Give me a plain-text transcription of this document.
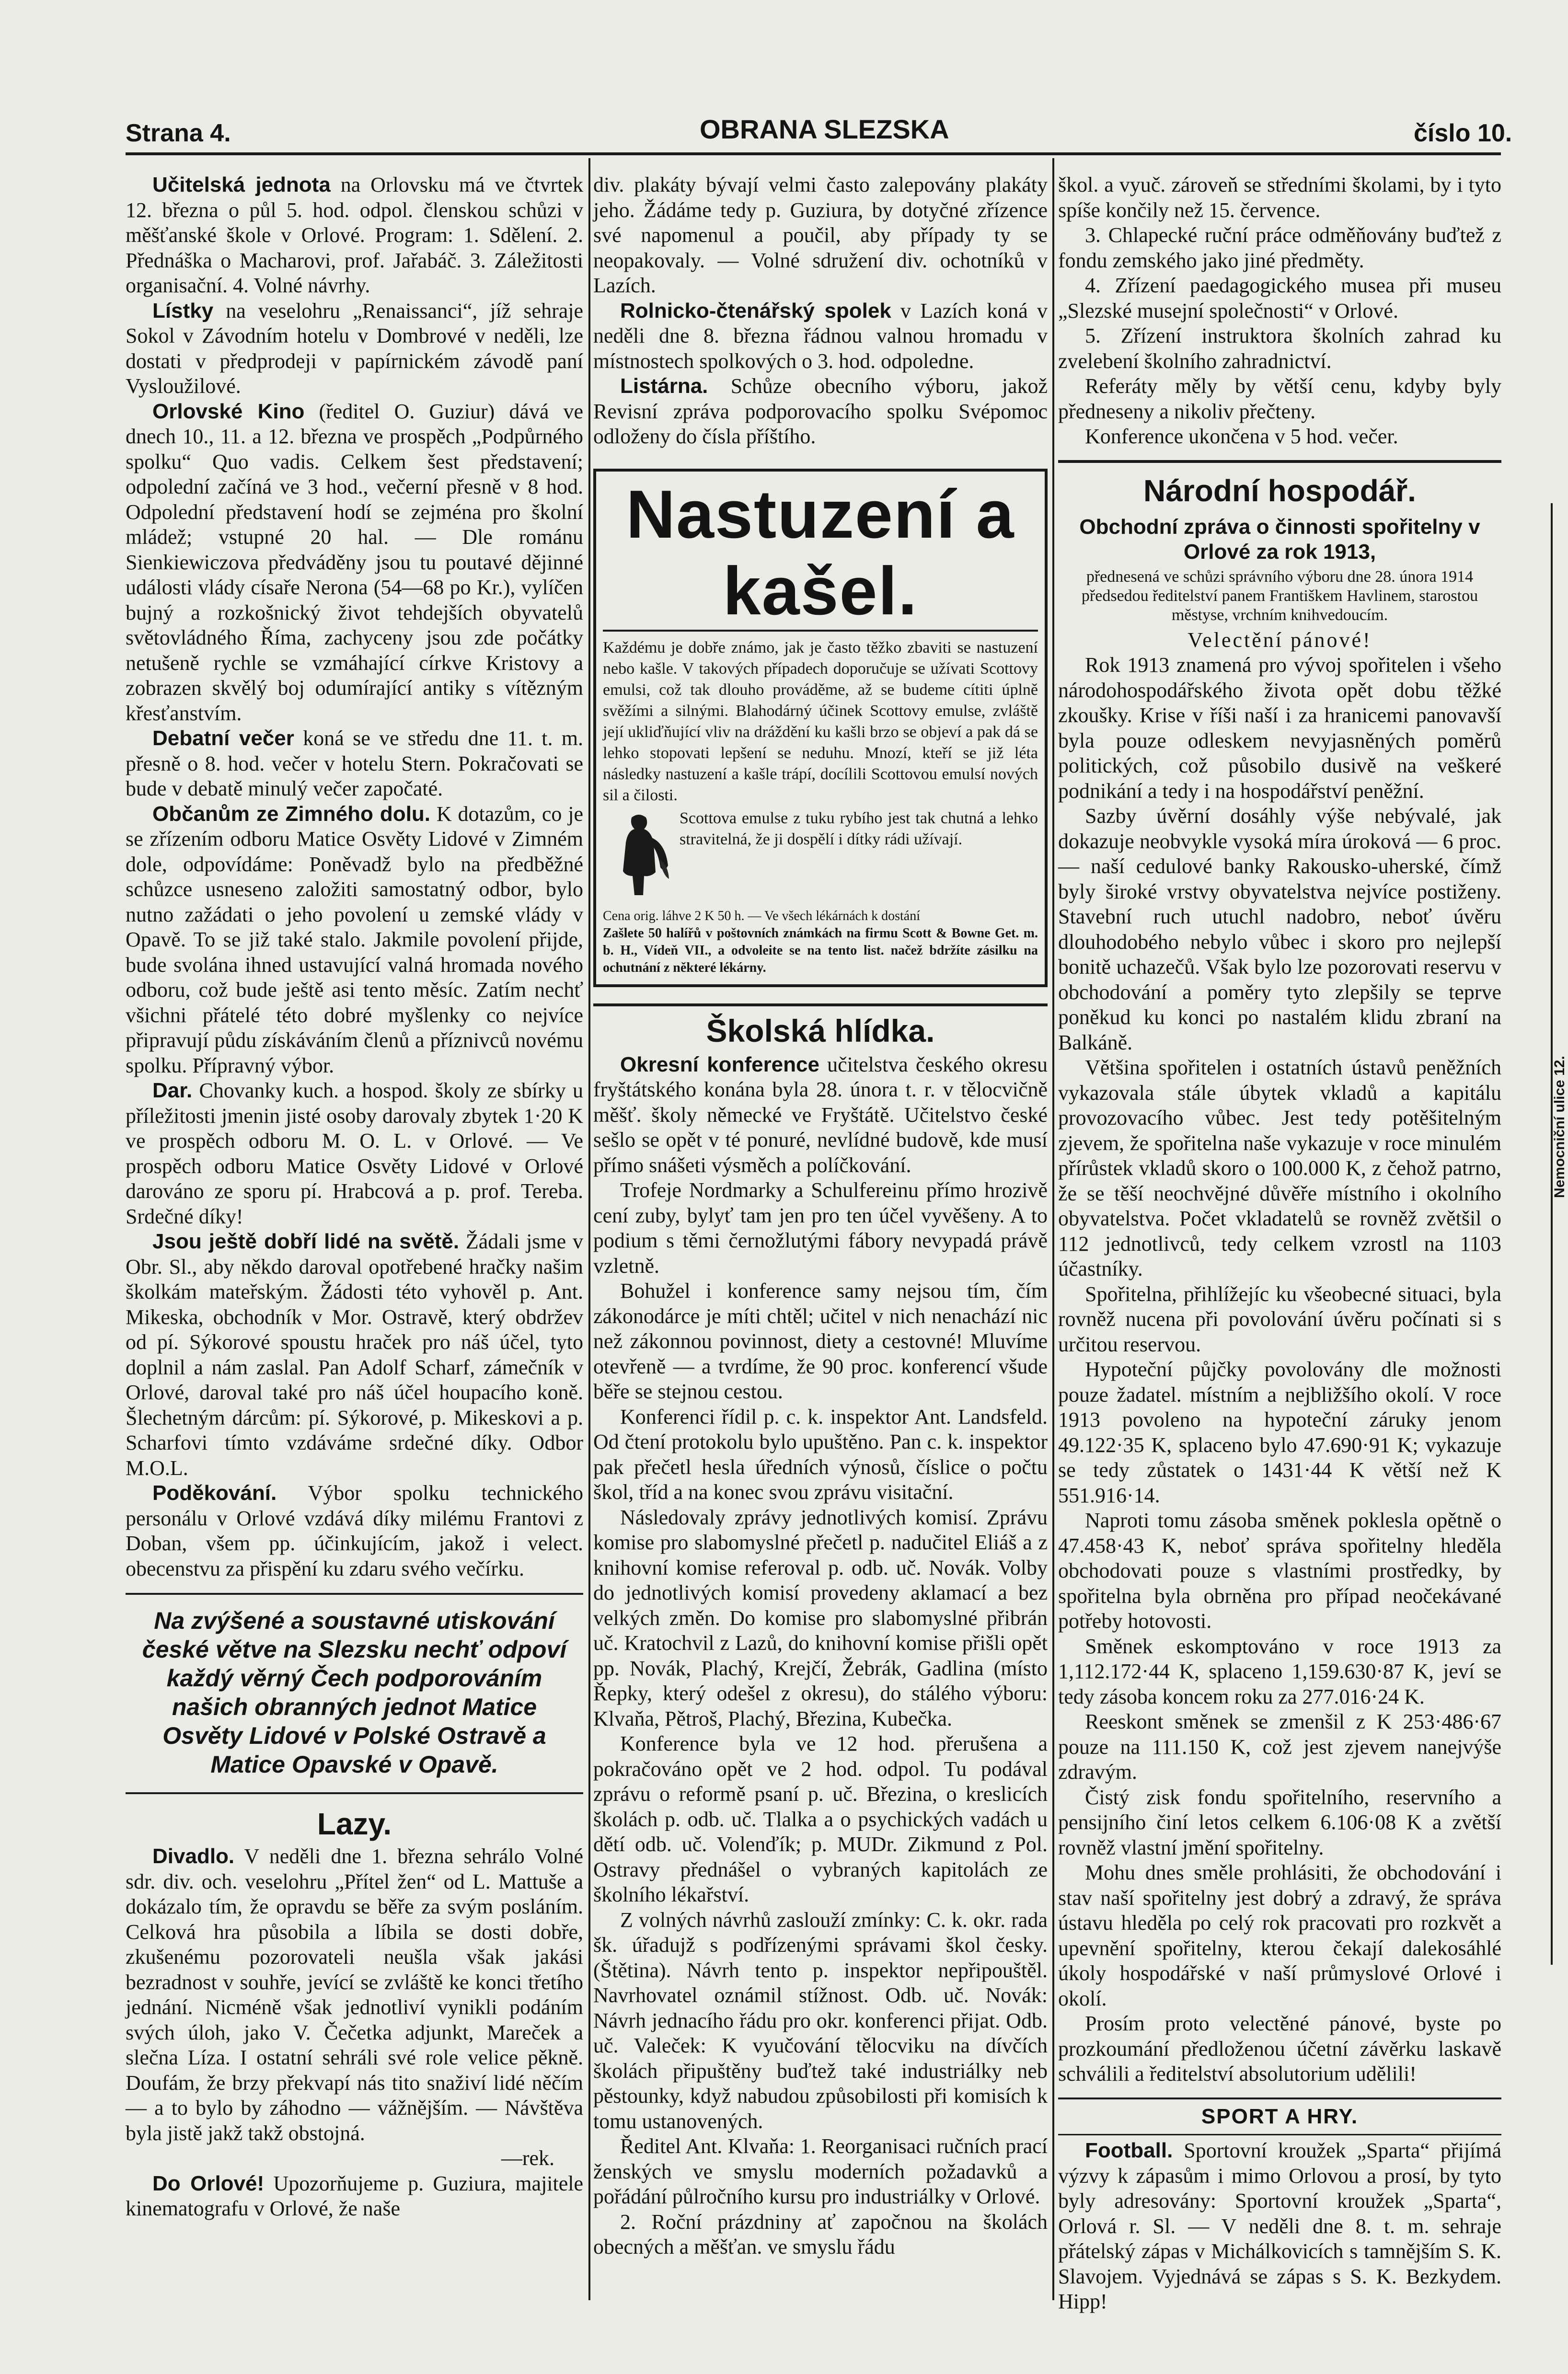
Strana 4.	OBRANA SLEZSKA	číslo 10.

Učitelská jednota na Orlovsku má ve čtvrtek 12. března o půl 5. hod. odpol. členskou schůzi v měšťanské škole v Orlové. Program: 1. Sdělení. 2. Přednáška o Macharovi, prof. Jařabáč. 3. Záležitosti organisační. 4. Volné návrhy.

Lístky na veselohru „Renaissanci“, jíž sehraje Sokol v Závodním hotelu v Dombrové v neděli, lze dostati v předprodeji v papírnickém závodě paní Vysloužilové.

Orlovské Kino (ředitel O. Guziur) dává ve dnech 10., 11. a 12. března ve prospěch „Podpůrného spolku“ Quo vadis. Celkem šest představení; odpolední začíná ve 3 hod., večerní přesně v 8 hod. Odpolední představení hodí se zejména pro školní mládež; vstupné 20 hal. — Dle románu Sienkiewiczova předváděny jsou tu poutavé dějinné události vlády císaře Nerona (54—68 po Kr.), vylíčen bujný a rozkošnický život tehdejších obyvatelů světovládného Říma, zachyceny jsou zde počátky netušeně rychle se vzmáhající církve Kristovy a zobrazen skvělý boj odumírající antiky s vítězným křesťanstvím.

Debatní večer koná se ve středu dne 11. t. m. přesně o 8. hod. večer v hotelu Stern. Pokračovati se bude v debatě minulý večer započaté.

Občanům ze Zimného dolu. K dotazům, co je se zřízením odboru Matice Osvěty Lidové v Zimném dole, odpovídáme: Poněvadž bylo na předběžné schůzce usneseno založiti samostatný odbor, bylo nutno zažádati o jeho povolení u zemské vlády v Opavě. To se již také stalo. Jakmile povolení přijde, bude svolána ihned ustavující valná hromada nového odboru, což bude ještě asi tento měsíc. Zatím nechť všichni přátelé této dobré myšlenky co nejvíce připravují půdu získáváním členů a příznivců novému spolku. Přípravný výbor.

Dar. Chovanky kuch. a hospod. školy ze sbírky u příležitosti jmenin jisté osoby darovaly zbytek 1·20 K ve prospěch odboru M. O. L. v Orlové. — Ve prospěch odboru Matice Osvěty Lidové v Orlové darováno ze sporu pí. Hrabcová a p. prof. Tereba. Srdečné díky!

Jsou ještě dobří lidé na světě. Žádali jsme v Obr. Sl., aby někdo daroval opotřebené hračky našim školkám mateřským. Žádosti této vyhověl p. Ant. Mikeska, obchodník v Mor. Ostravě, který obdržev od pí. Sýkorové spoustu hraček pro náš účel, tyto doplnil a nám zaslal. Pan Adolf Scharf, zámečník v Orlové, daroval také pro náš účel houpacího koně. Šlechetným dárcům: pí. Sýkorové, p. Mikeskovi a p. Scharfovi tímto vzdáváme srdečné díky. Odbor M.O.L.

Poděkování. Výbor spolku technického personálu v Orlové vzdává díky milému Frantovi z Doban, všem pp. účinkujícím, jakož i velect. obecenstvu za přispění ku zdaru svého večírku.

Na zvýšené a soustavné utiskování české větve na Slezsku nechť odpoví každý věrný Čech podporováním našich obranných jednot Matice Osvěty Lidové v Polské Ostravě a Matice Opavské v Opavě.
Lazy.

Divadlo. V neděli dne 1. března sehrálo Volné sdr. div. och. veselohru „Přítel žen“ od L. Mattuše a dokázalo tím, že opravdu se běře za svým posláním. Celková hra působila a líbila se dosti dobře, zkušenému pozorovateli neušla však jakási bezradnost v souhře, jevící se zvláště ke konci třetího jednání. Nicméně však jednotliví vynikli podáním svých úloh, jako V. Čečetka adjunkt, Mareček a slečna Líza. I ostatní sehráli své role velice pěkně. Doufám, že brzy překvapí nás tito snaživí lidé něčím — a to bylo by záhodno — vážnějším. — Návštěva byla jistě jakž takž obstojná.

—rek.

Do Orlové! Upozorňujeme p. Guziura, majitele kinematografu v Orlové, že naše

div. plakáty bývají velmi často zalepovány plakáty jeho. Žádáme tedy p. Guziura, by dotyčné zřízence své napomenul a poučil, aby případy ty se neopakovaly. — Volné sdružení div. ochotníků v Lazích.

Rolnicko-čtenářský spolek v Lazích koná v neděli dne 8. března řádnou valnou hromadu v místnostech spolkových o 3. hod. odpoledne.

Listárna. Schůze obecního výboru, jakož Revisní zpráva podporovacího spolku Svépomoc odloženy do čísla příštího.

Nastuzení a kašel.
Každému je dobře známo, jak je často těžko zbaviti se nastuzení nebo kašle. V takových případech doporučuje se užívati Scottovy emulsi, což tak dlouho prováděme, až se budeme cítiti úplně svěžími a silnými. Blahodárný účinek Scottovy emulse, zvláště její ukliďňující vliv na dráždění ku kašli brzo se objeví a pak dá se lehko stopovati lepšení se neduhu. Mnozí, kteří se již léta následky nastuzení a kašle trápí, docílili Scottovou emulsí nových sil a čilosti.
Scottova emulse z tuku rybího jest tak chutná a lehko stravitelná, že ji dospělí i dítky rádi užívají.
Cena orig. láhve 2 K 50 h. — Ve všech lékárnách k dostání
Zašlete 50 halířů v poštovních známkách na firmu Scott & Bowne Get. m. b. H., Vídeň VII., a odvoleite se na tento list. načež bdržíte zásilku na ochutnání z některé lékárny.
Školská hlídka.

Okresní konference učitelstva českého okresu fryštátského konána byla 28. února t. r. v tělocvičně měšť. školy německé ve Fryštátě. Učitelstvo české sešlo se opět v té ponuré, nevlídné budově, kde musí přímo snášeti výsměch a políčkování.

Trofeje Nordmarky a Schulfereinu přímo hrozivě cení zuby, bylyť tam jen pro ten účel vyvěšeny. A to podium s těmi černožlutými fábory nevypadá právě vzletně.

Bohužel i konference samy nejsou tím, čím zákonodárce je míti chtěl; učitel v nich nenachází nic než zákonnou povinnost, diety a cestovné! Mluvíme otevřeně — a tvrdíme, že 90 proc. konferencí všude běře se stejnou cestou.

Konferenci řídil p. c. k. inspektor Ant. Landsfeld. Od čtení protokolu bylo upuštěno. Pan c. k. inspektor pak přečetl hesla úředních výnosů, číslice o počtu škol, tříd a na konec svou zprávu visitační.

Následovaly zprávy jednotlivých komisí. Zprávu komise pro slabomyslné přečetl p. nadučitel Eliáš a z knihovní komise referoval p. odb. uč. Novák. Volby do jednotlivých komisí provedeny aklamací a bez velkých změn. Do komise pro slabomyslné přibrán uč. Kratochvil z Lazů, do knihovní komise přišli opět pp. Novák, Plachý, Krejčí, Žebrák, Gadlina (místo Řepky, který odešel z okresu), do stálého výboru: Klvaňa, Pětroš, Plachý, Březina, Kubečka.

Konference byla ve 12 hod. přerušena a pokračováno opět ve 2 hod. odpol. Tu podával zprávu o reformě psaní p. uč. Březina, o kreslicích školách p. odb. uč. Tlalka a o psychických vadách u dětí odb. uč. Volenďík; p. MUDr. Zikmund z Pol. Ostravy přednášel o vybraných kapitolách ze školního lékařství.

Z volných návrhů zaslouží zmínky: C. k. okr. rada šk. úřadujž s podřízenými správami škol česky. (Štětina). Návrh tento p. inspektor nepřipouštěl. Navrhovatel oznámil stížnost. Odb. uč. Novák: Návrh jednacího řádu pro okr. konferenci přijat. Odb. uč. Valeček: K vyučování tělocviku na dívčích školách připuštěny buďtež také industriálky neb pěstounky, když nabudou způsobilosti při komisích k tomu ustanovených.

Ředitel Ant. Klvaňa: 1. Reorganisaci ručních prací ženských ve smyslu moderních požadavků a pořádání půlročního kursu pro industriálky v Orlové.

2. Roční prázdniny ať započnou na školách obecných a měšťan. ve smyslu řádu

škol. a vyuč. zároveň se středními školami, by i tyto spíše končily než 15. července.

3. Chlapecké ruční práce odměňovány buďtež z fondu zemského jako jiné předměty.

4. Zřízení paedagogického musea při museu „Slezské musejní společnosti“ v Orlové.

5. Zřízení instruktora školních zahrad ku zvelebení školního zahradnictví.

Referáty měly by větší cenu, kdyby byly předneseny a nikoliv přečteny.

Konference ukončena v 5 hod. večer.

Národní hospodář.
Obchodní zpráva o činnosti spořitelny v Orlové za rok 1913,
přednesená ve schůzi správního výboru dne 28. února 1914 předsedou ředitelství panem Františkem Havlinem, starostou městyse, vrchním knihvedoucím.
Velectění pánové!

Rok 1913 znamená pro vývoj spořitelen i všeho národohospodářského života opět dobu těžké zkoušky. Krise v říši naší i za hranicemi panovavší byla pouze odleskem nevyjasněných poměrů politických, což působilo dusivě na veškeré podnikání a tedy i na hospodářství peněžní.

Sazby úvěrní dosáhly výše nebývalé, jak dokazuje neobvykle vysoká míra úroková — 6 proc. — naší cedulové banky Rakousko-uherské, čímž byly široké vrstvy obyvatelstva nejvíce postiženy. Stavební ruch utuchl nadobro, neboť úvěru dlouhodobého nebylo vůbec i skoro pro nejlepší bonitě uchazečů. Však bylo lze pozorovati reservu v obchodování a poměry tyto zlepšily se teprve poněkud ku konci po nastalém klidu zbraní na Balkáně.

Většina spořitelen i ostatních ústavů peněžních vykazovala stále úbytek vkladů a kapitálu provozovacího vůbec. Jest tedy potěšitelným zjevem, že spořitelna naše vykazuje v roce minulém přírůstek vkladů skoro o 100.000 K, z čehož patrno, že se těší neochvějné důvěře místního i okolního obyvatelstva. Počet vkladatelů se rovněž zvětšil o 112 jednotlivců, tedy celkem vzrostl na 1103 účastníky.

Spořitelna, přihlížejíc ku všeobecné situaci, byla rovněž nucena při povolování úvěru počínati si s určitou reservou.

Hypoteční půjčky povolovány dle možnosti pouze žadatel. místním a nejbližšího okolí. V roce 1913 povoleno na hypoteční záruky jenom 49.122·35 K, splaceno bylo 47.690·91 K; vykazuje se tedy zůstatek o 1431·44 K větší než K 551.916·14.

Naproti tomu zásoba směnek poklesla opětně o 47.458·43 K, neboť správa spořitelny hleděla obchodovati pouze s vlastními prostředky, by spořitelna byla obrněna pro případ neočekávané potřeby hotovosti.

Směnek eskomptováno v roce 1913 za 1,112.172·44 K, splaceno 1,159.630·87 K, jeví se tedy zásoba koncem roku za 277.016·24 K.

Reeskont směnek se zmenšil z K 253·486·67 pouze na 111.150 K, což jest zjevem nanejvýše zdravým.

Čistý zisk fondu spořitelního, reservního a pensijního činí letos celkem 6.106·08 K a zvětší rovněž vlastní jmění spořitelny.

Mohu dnes směle prohlásiti, že obchodování i stav naší spořitelny jest dobrý a zdravý, že správa ústavu hleděla po celý rok pracovati pro rozkvět a upevnění spořitelny, kterou čekají dalekosáhlé úkoly hospodářské v naší průmyslové Orlové i okolí.

Prosím proto velectěné pánové, byste po prozkoumání předloženou účetní závěrku laskavě schválili a ředitelství absolutorium udělili!

SPORT A HRY.

Football. Sportovní kroužek „Sparta“ přijímá výzvy k zápasům i mimo Orlovou a prosí, by tyto byly adresovány: Sportovní kroužek „Sparta“, Orlová r. Sl. — V neděli dne 8. t. m. sehraje přátelský zápas v Michálkovicích s tamnějším S. K. Slavojem. Vyjednává se zápas s S. K. Bezkydem. Hipp!

Nemocniční ulice 12.
